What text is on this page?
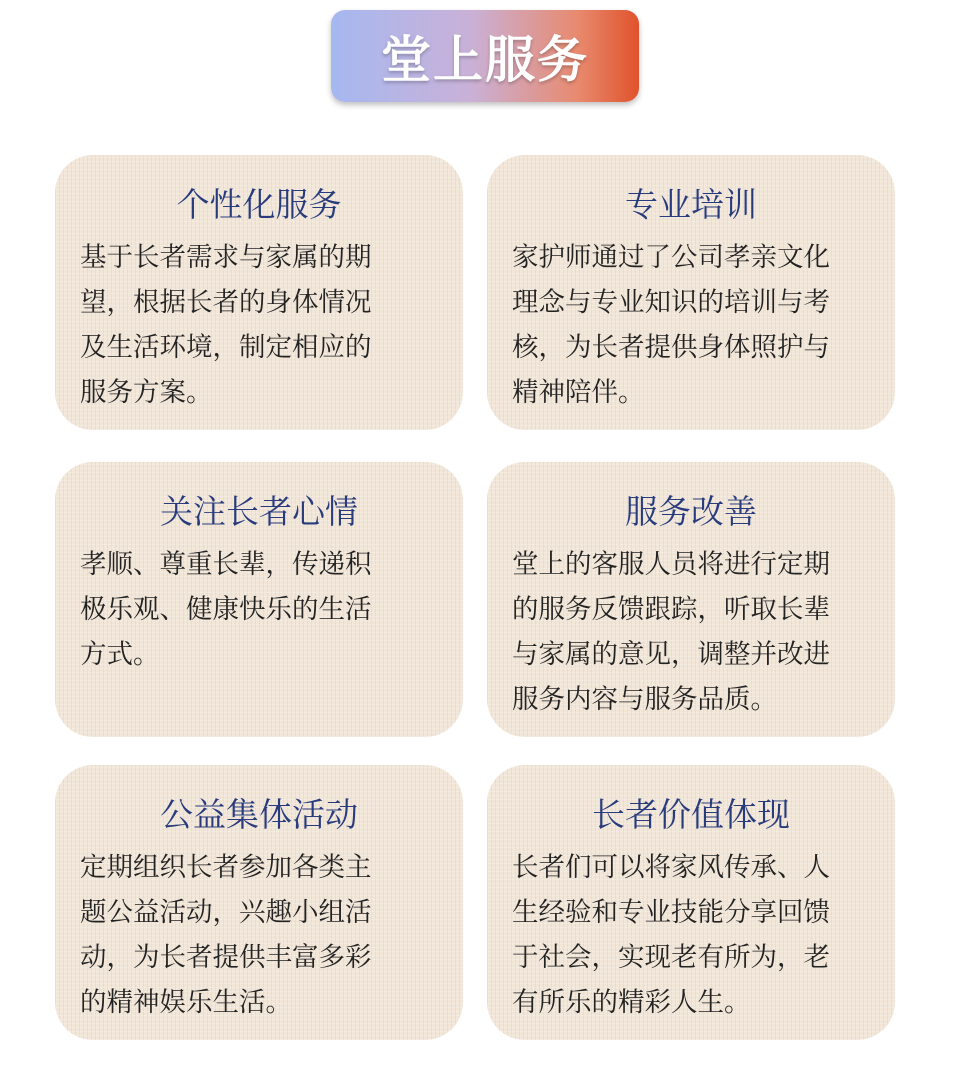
堂上服务
个性化服务
基于长者需求与家属的期
望，根据长者的身体情况
及生活环境，制定相应的
服务方案。
专业培训
家护师通过了公司孝亲文化
理念与专业知识的培训与考
核，为长者提供身体照护与
精神陪伴。
关注长者心情
孝顺、尊重长辈，传递积
极乐观、健康快乐的生活
方式。
服务改善
堂上的客服人员将进行定期
的服务反馈跟踪，听取长辈
与家属的意见，调整并改进
服务内容与服务品质。
公益集体活动
定期组织长者参加各类主
题公益活动，兴趣小组活
动，为长者提供丰富多彩
的精神娱乐生活。
长者价值体现
长者们可以将家风传承、人
生经验和专业技能分享回馈
于社会，实现老有所为，老
有所乐的精彩人生。
